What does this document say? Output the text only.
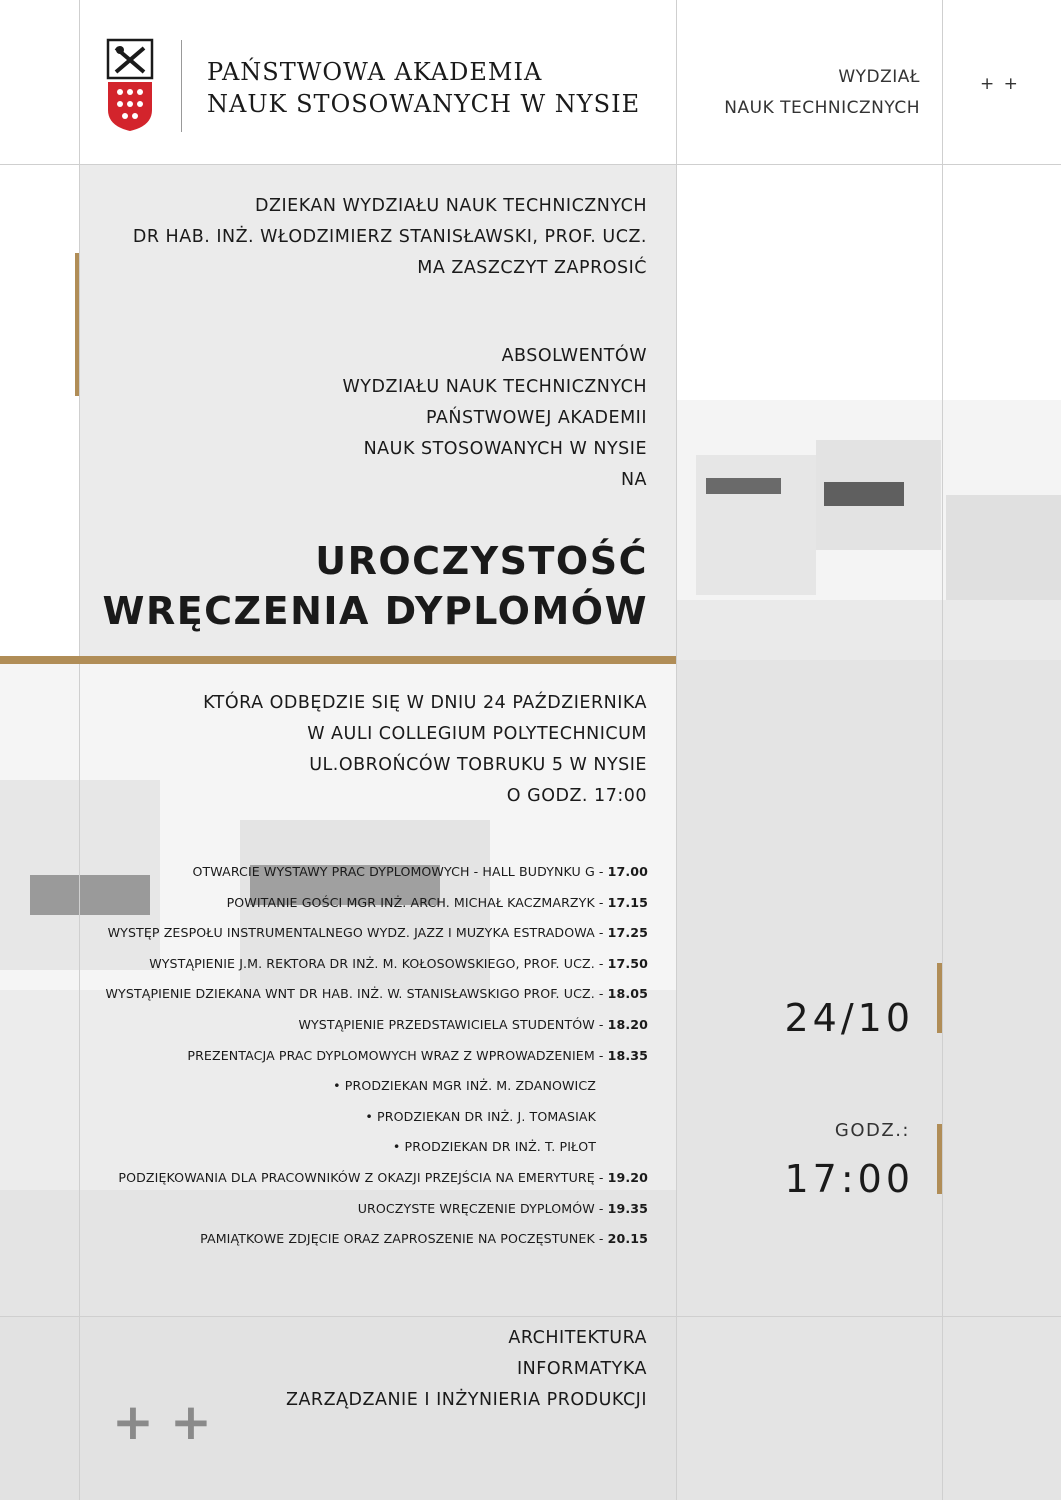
PAŃSTWOWA AKADEMIA
NAUK STOSOWANYCH W NYSIE
WYDZIAŁ
NAUK TECHNICZNYCH
+ +
DZIEKAN WYDZIAŁU NAUK TECHNICZNYCH
DR HAB. INŻ. WŁODZIMIERZ STANISŁAWSKI, PROF. UCZ.
MA ZASZCZYT ZAPROSIĆ
ABSOLWENTÓW
WYDZIAŁU NAUK TECHNICZNYCH
PAŃSTWOWEJ AKADEMII
NAUK STOSOWANYCH W NYSIE
NA
UROCZYSTOŚĆ
WRĘCZENIA DYPLOMÓW
KTÓRA ODBĘDZIE SIĘ W DNIU 24 PAŹDZIERNIKA
W AULI COLLEGIUM POLYTECHNICUM
UL.OBROŃCÓW TOBRUKU 5 W NYSIE
O GODZ. 17:00
OTWARCIE WYSTAWY PRAC DYPLOMOWYCH - HALL BUDYNKU G - 17.00
POWITANIE GOŚCI MGR INŻ. ARCH. MICHAŁ KACZMARZYK - 17.15
WYSTĘP ZESPOŁU INSTRUMENTALNEGO WYDZ. JAZZ I MUZYKA ESTRADOWA - 17.25
WYSTĄPIENIE J.M. REKTORA DR INŻ. M. KOŁOSOWSKIEGO, PROF. UCZ. - 17.50
WYSTĄPIENIE DZIEKANA WNT DR HAB. INŻ. W. STANISŁAWSKIGO PROF. UCZ. - 18.05
WYSTĄPIENIE PRZEDSTAWICIELA STUDENTÓW - 18.20
PREZENTACJA PRAC DYPLOMOWYCH WRAZ Z WPROWADZENIEM - 18.35
• PRODZIEKAN MGR INŻ. M. ZDANOWICZ
• PRODZIEKAN DR INŻ. J. TOMASIAK
• PRODZIEKAN DR INŻ. T. PIŁOT
PODZIĘKOWANIA DLA PRACOWNIKÓW Z OKAZJI PRZEJŚCIA NA EMERYTURĘ - 19.20
UROCZYSTE WRĘCZENIE DYPLOMÓW - 19.35
PAMIĄTKOWE ZDJĘCIE ORAZ ZAPROSZENIE NA POCZĘSTUNEK - 20.15
24/10
GODZ.:
17:00
ARCHITEKTURA
INFORMATYKA
ZARZĄDZANIE I INŻYNIERIA PRODUKCJI
+ +
